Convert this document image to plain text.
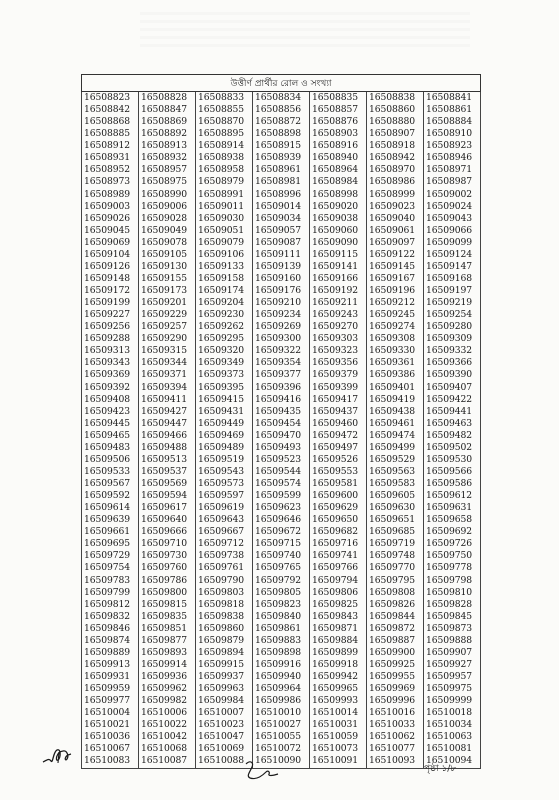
উত্তীর্ণ প্রার্থীর রোল ও সংখ্যা						
16508823	16508828	16508833	16508834	16508835	16508838	16508841
16508842	16508847	16508855	16508856	16508857	16508860	16508861
16508868	16508869	16508870	16508872	16508876	16508880	16508884
16508885	16508892	16508895	16508898	16508903	16508907	16508910
16508912	16508913	16508914	16508915	16508916	16508918	16508923
16508931	16508932	16508938	16508939	16508940	16508942	16508946
16508952	16508957	16508958	16508961	16508964	16508970	16508971
16508973	16508975	16508979	16508981	16508984	16508986	16508987
16508989	16508990	16508991	16508996	16508998	16508999	16509002
16509003	16509006	16509011	16509014	16509020	16509023	16509024
16509026	16509028	16509030	16509034	16509038	16509040	16509043
16509045	16509049	16509051	16509057	16509060	16509061	16509066
16509069	16509078	16509079	16509087	16509090	16509097	16509099
16509104	16509105	16509106	16509111	16509115	16509122	16509124
16509126	16509130	16509133	16509139	16509141	16509145	16509147
16509148	16509155	16509158	16509160	16509166	16509167	16509168
16509172	16509173	16509174	16509176	16509192	16509196	16509197
16509199	16509201	16509204	16509210	16509211	16509212	16509219
16509227	16509229	16509230	16509234	16509243	16509245	16509254
16509256	16509257	16509262	16509269	16509270	16509274	16509280
16509288	16509290	16509295	16509300	16509303	16509308	16509309
16509313	16509315	16509320	16509322	16509323	16509330	16509332
16509343	16509344	16509349	16509354	16509356	16509361	16509366
16509369	16509371	16509373	16509377	16509379	16509386	16509390
16509392	16509394	16509395	16509396	16509399	16509401	16509407
16509408	16509411	16509415	16509416	16509417	16509419	16509422
16509423	16509427	16509431	16509435	16509437	16509438	16509441
16509445	16509447	16509449	16509454	16509460	16509461	16509463
16509465	16509466	16509469	16509470	16509472	16509474	16509482
16509483	16509488	16509489	16509493	16509497	16509499	16509502
16509506	16509513	16509519	16509523	16509526	16509529	16509530
16509533	16509537	16509543	16509544	16509553	16509563	16509566
16509567	16509569	16509573	16509574	16509581	16509583	16509586
16509592	16509594	16509597	16509599	16509600	16509605	16509612
16509614	16509617	16509619	16509623	16509629	16509630	16509631
16509639	16509640	16509643	16509646	16509650	16509651	16509658
16509661	16509666	16509667	16509672	16509682	16509685	16509692
16509695	16509710	16509712	16509715	16509716	16509719	16509726
16509729	16509730	16509738	16509740	16509741	16509748	16509750
16509754	16509760	16509761	16509765	16509766	16509770	16509778
16509783	16509786	16509790	16509792	16509794	16509795	16509798
16509799	16509800	16509803	16509805	16509806	16509808	16509810
16509812	16509815	16509818	16509823	16509825	16509826	16509828
16509832	16509835	16509838	16509840	16509843	16509844	16509845
16509846	16509851	16509860	16509861	16509871	16509872	16509873
16509874	16509877	16509879	16509883	16509884	16509887	16509888
16509889	16509893	16509894	16509898	16509899	16509900	16509907
16509913	16509914	16509915	16509916	16509918	16509925	16509927
16509931	16509936	16509937	16509940	16509942	16509955	16509957
16509959	16509962	16509963	16509964	16509965	16509969	16509975
16509977	16509982	16509984	16509986	16509993	16509996	16509999
16510004	16510006	16510007	16510010	16510014	16510016	16510018
16510021	16510022	16510023	16510027	16510031	16510033	16510034
16510036	16510042	16510047	16510055	16510059	16510062	16510063
16510067	16510068	16510069	16510072	16510073	16510077	16510081
16510083	16510087	16510088	16510090	16510091	16510093	16510094
পৃষ্ঠা ১/৮
